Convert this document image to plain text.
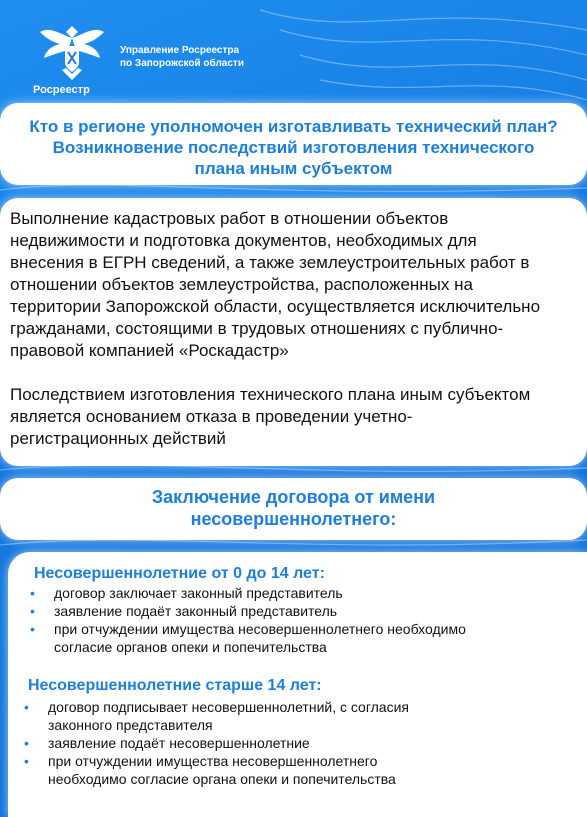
Росреестр
Управление Росреестра
по Запорожской области
Кто в регионе уполномочен изготавливать технический план?
Возникновение последствий изготовления технического
плана иным субъектом

Выполнение кадастровых работ в отношении объектов
недвижимости и подготовка документов, необходимых для
внесения в ЕГРН сведений, а также землеустроительных работ в
отношении объектов землеустройства, расположенных на
территории Запорожской области, осуществляется исключительно
гражданами, состоящими в трудовых отношениях с публично-
правовой компанией «Роскадастр»

Последствием изготовления технического плана иным субъектом
является основанием отказа в проведении учетно-
регистрационных действий

Заключение договора от имени
несовершеннолетнего:
Несовершеннолетние от 0 до 14 лет:
• договор заключает законный представитель
• заявление подаёт законный представитель
• при отчуждении имущества несовершеннолетнего необходимо
согласие органов опеки и попечительства
Несовершеннолетние старше 14 лет:
• договор подписывает несовершеннолетний, с согласия
законного представителя
• заявление подаёт несовершеннолетние
• при отчуждении имущества несовершеннолетнего
необходимо согласие органа опеки и попечительства
